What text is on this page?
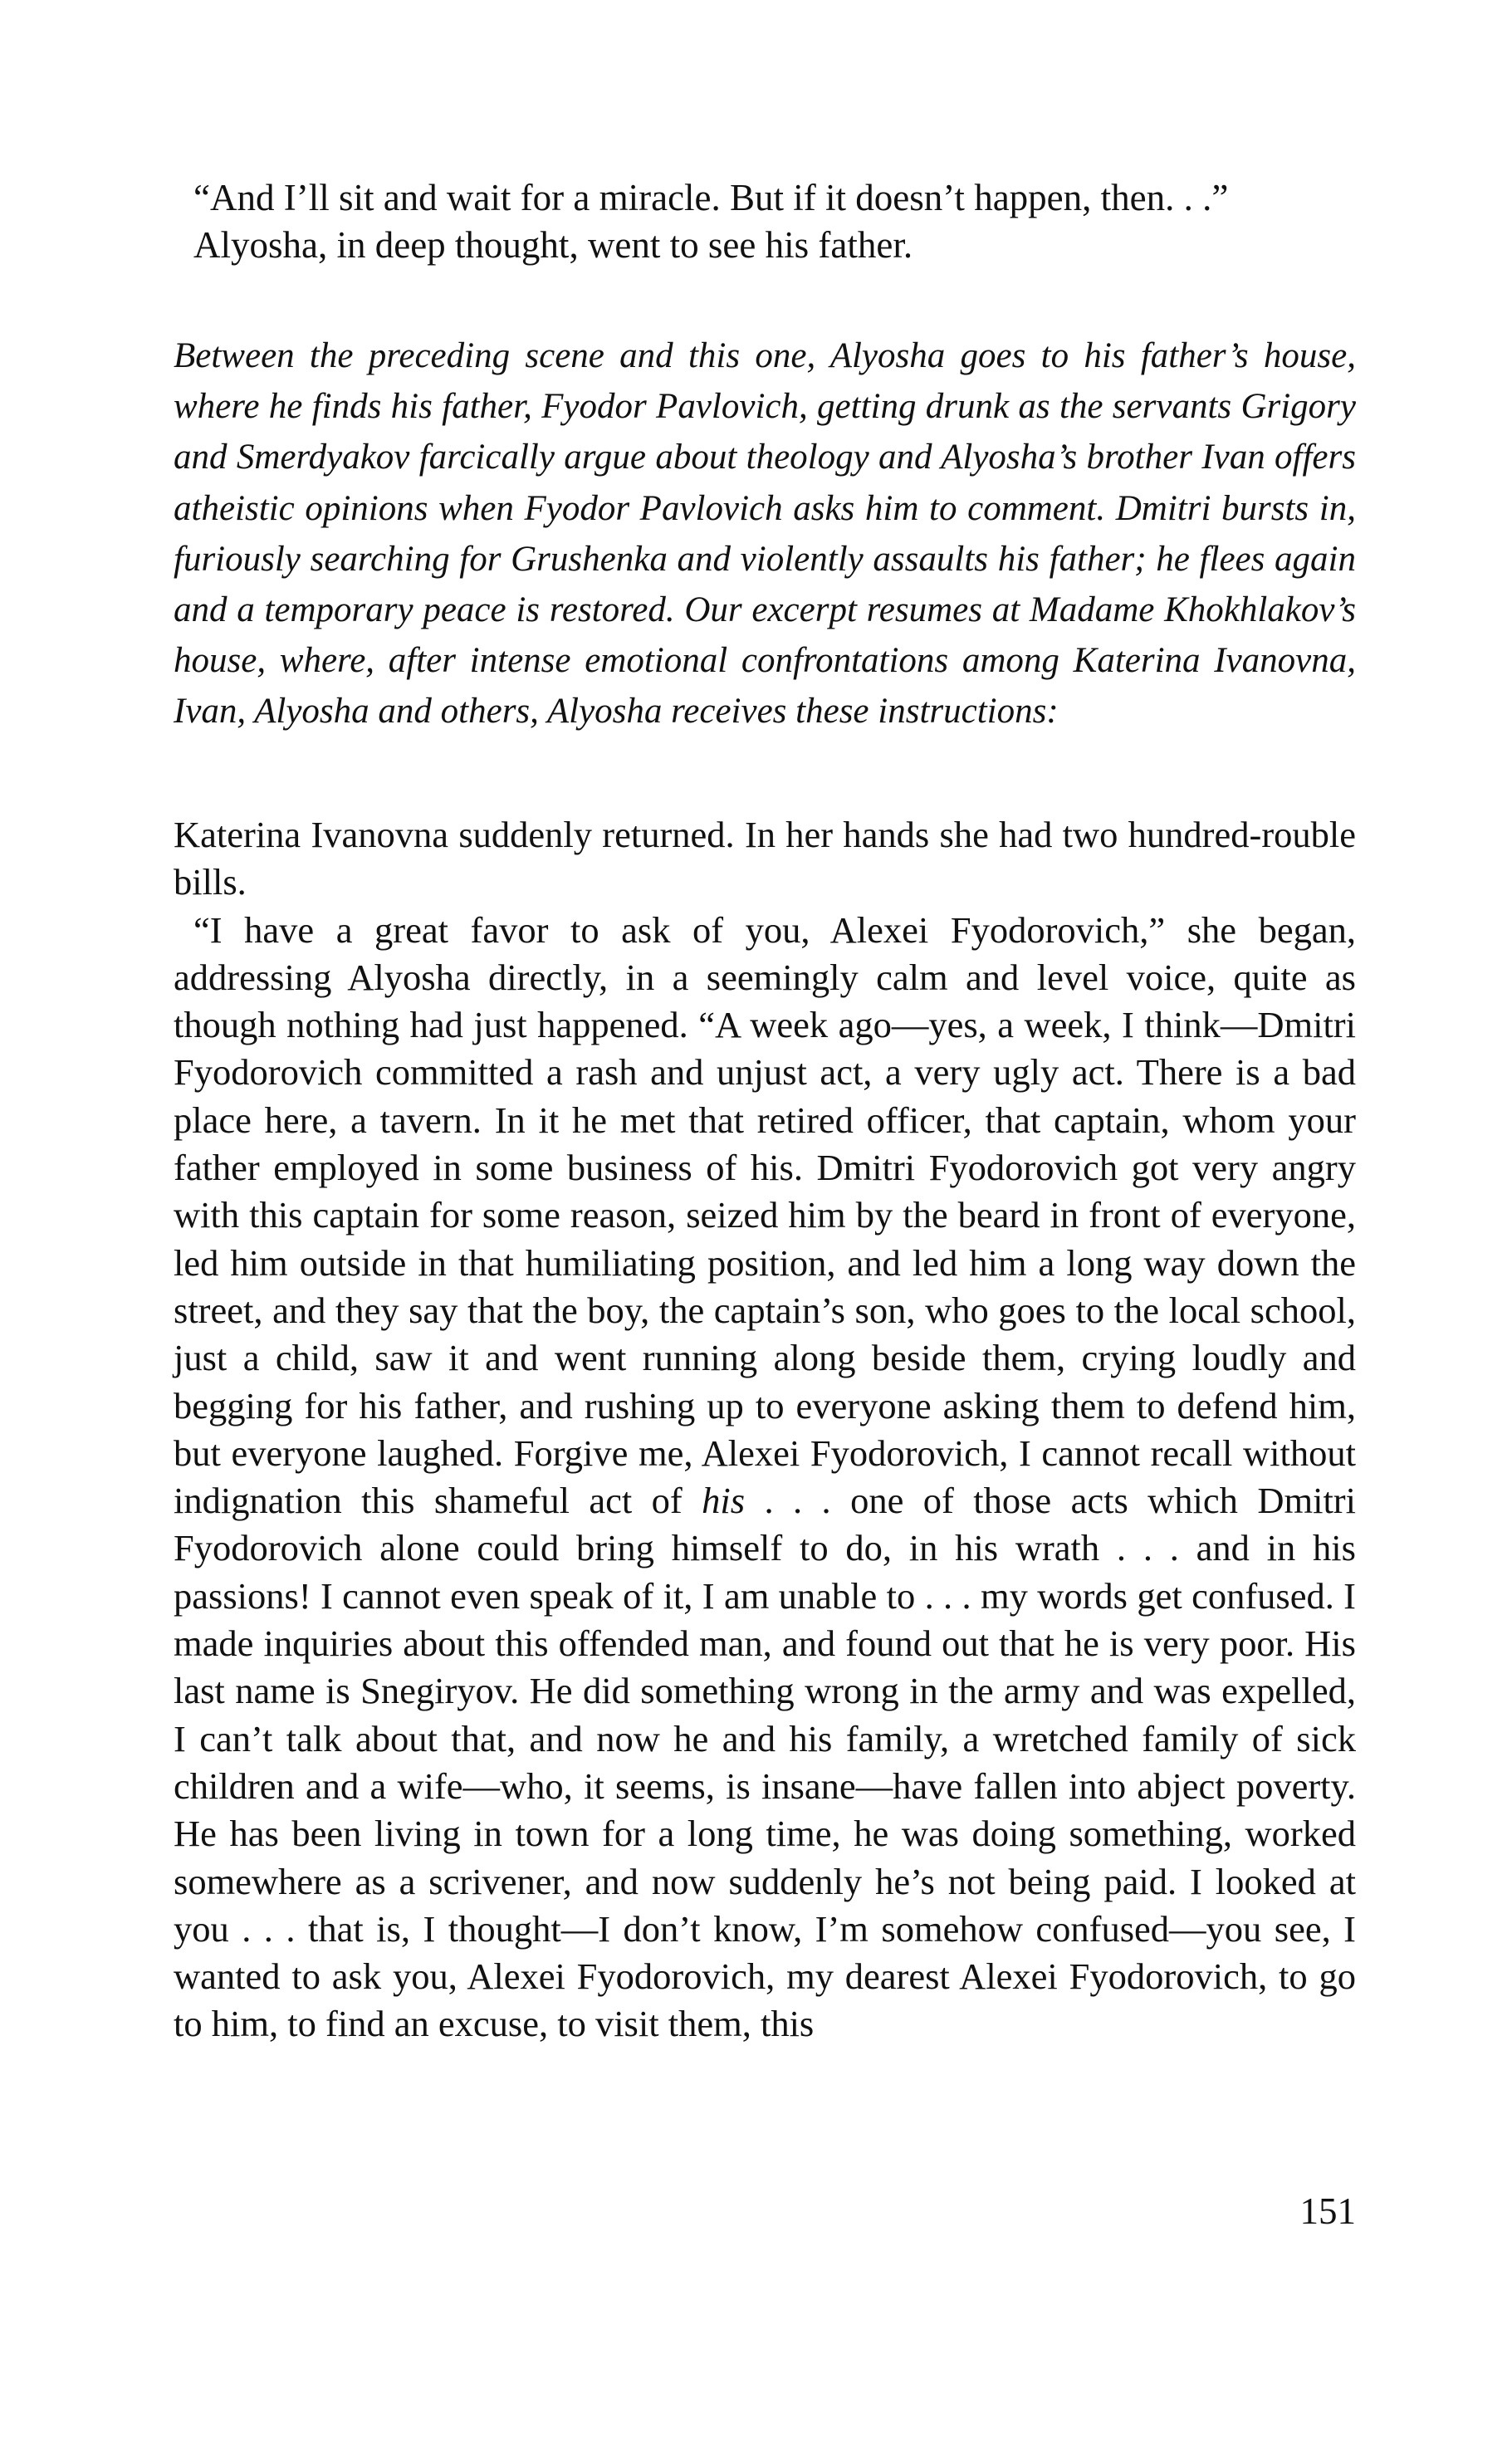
“And I’ll sit and wait for a miracle. But if it doesn’t happen, then. . .”

Alyosha, in deep thought, went to see his father.

Between the preceding scene and this one, Alyosha goes to his father’s house, where he finds his father, Fyodor Pavlovich, getting drunk as the servants Grigory and Smerdyakov farcically argue about theology and Alyosha’s brother Ivan offers atheistic opinions when Fyodor Pavlovich asks him to comment. Dmitri bursts in, furiously searching for Grushenka and violently assaults his father; he flees again and a temporary peace is restored. Our excerpt resumes at Madame Khokhlakov’s house, where, after intense emotional confrontations among Katerina Ivanovna, Ivan, Alyosha and others, Alyosha receives these instructions:

Katerina Ivanovna suddenly returned. In her hands she had two hundred-rouble bills.

“I have a great favor to ask of you, Alexei Fyodorovich,” she began, addressing Alyosha directly, in a seemingly calm and level voice, quite as though nothing had just happened. “A week ago—yes, a week, I think—Dmitri Fyodorovich committed a rash and unjust act, a very ugly act. There is a bad place here, a tavern. In it he met that retired officer, that captain, whom your father employed in some business of his. Dmitri Fyodorovich got very angry with this captain for some reason, seized him by the beard in front of everyone, led him outside in that humiliating position, and led him a long way down the street, and they say that the boy, the captain’s son, who goes to the local school, just a child, saw it and went running along beside them, crying loudly and begging for his father, and rushing up to everyone asking them to defend him, but everyone laughed. Forgive me, Alexei Fyodorovich, I cannot recall without indignation this shameful act of his . . . one of those acts which Dmitri Fyodorovich alone could bring himself to do, in his wrath . . . and in his passions! I cannot even speak of it, I am unable to . . . my words get confused. I made inquiries about this offended man, and found out that he is very poor. His last name is Snegiryov. He did something wrong in the army and was expelled, I can’t talk about that, and now he and his family, a wretched family of sick children and a wife—who, it seems, is insane—have fallen into abject poverty. He has been living in town for a long time, he was doing something, worked somewhere as a scrivener, and now suddenly he’s not being paid. I looked at you . . . that is, I thought—I don’t know, I’m somehow confused—you see, I wanted to ask you, Alexei Fyodorovich, my dearest Alexei Fyodorovich, to go to him, to find an excuse, to visit them, this

151
